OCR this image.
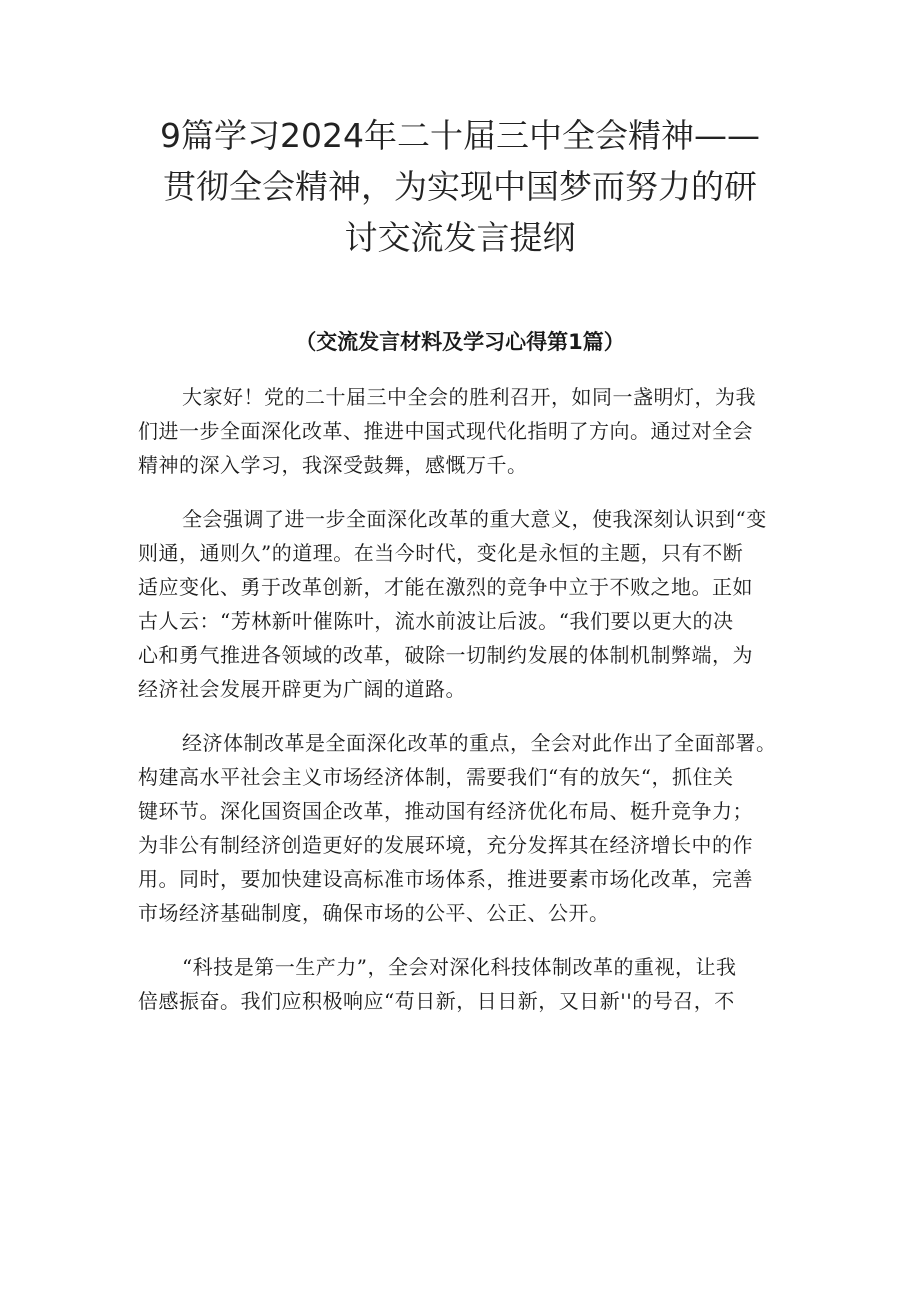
9篇学习2024年二十届三中全会精神——
贯彻全会精神，为实现中国梦而努力的研
讨交流发言提纲
（交流发言材料及学习心得第1篇）

大家好！党的二十届三中全会的胜利召开，如同一盏明灯，为我
们进一步全面深化改革、推进中国式现代化指明了方向。通过对全会
精神的深入学习，我深受鼓舞，感慨万千。

全会强调了进一步全面深化改革的重大意义，使我深刻认识到“变
则通，通则久”的道理。在当今时代，变化是永恒的主题，只有不断
适应变化、勇于改革创新，才能在激烈的竞争中立于不败之地。正如
古人云：“芳林新叶催陈叶，流水前波让后波。“我们要以更大的决
心和勇气推进各领域的改革，破除一切制约发展的体制机制弊端，为
经济社会发展开辟更为广阔的道路。

经济体制改革是全面深化改革的重点，全会对此作出了全面部署。
构建高水平社会主义市场经济体制，需要我们“有的放矢“，抓住关
键环节。深化国资国企改革，推动国有经济优化布局、梃升竞争力；
为非公有制经济创造更好的发展环境，充分发挥其在经济增长中的作
用。同时，要加快建设高标准市场体系，推进要素市场化改革，完善
市场经济基础制度，确保市场的公平、公正、公开。

“科技是第一生产力”，全会对深化科技体制改革的重视，让我
倍感振奋。我们应积极响应“苟日新，日日新，又日新''的号召，不
